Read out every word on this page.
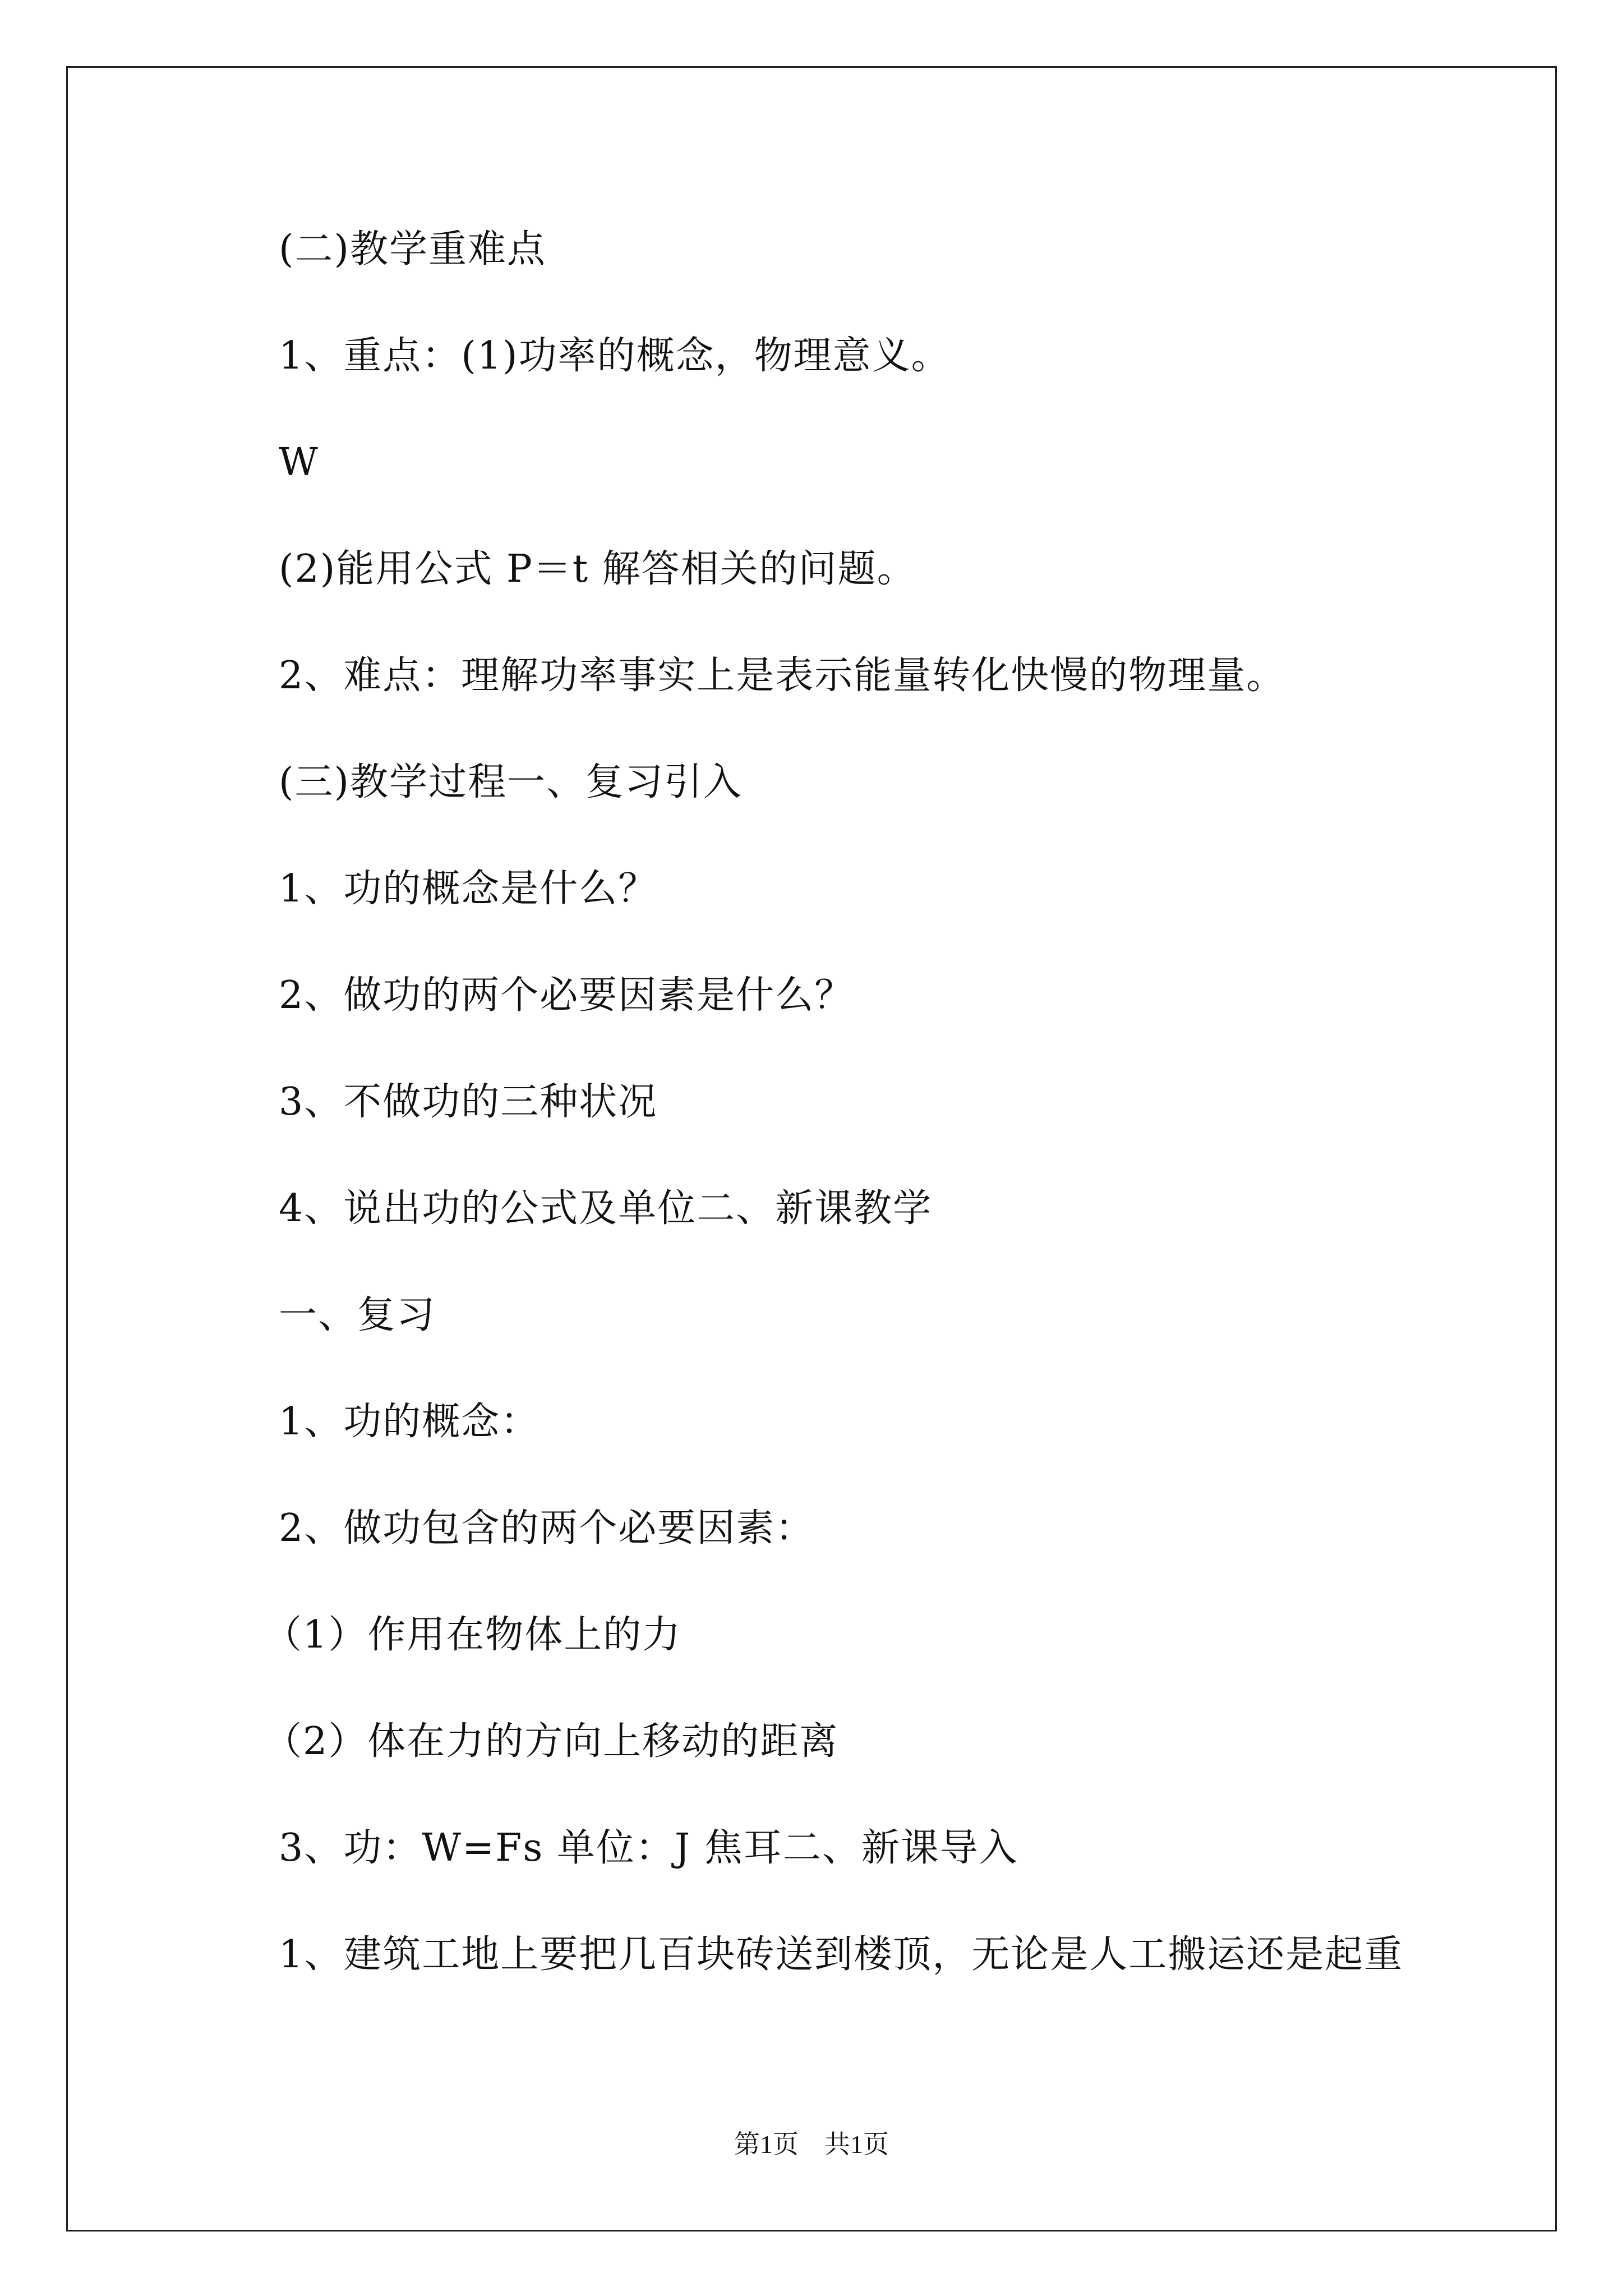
(二)教学重难点
1、重点：(1)功率的概念，物理意义。
W
(2)能用公式 P＝t 解答相关的问题。
2、难点：理解功率事实上是表示能量转化快慢的物理量。
(三)教学过程一、复习引入
1、功的概念是什么？
2、做功的两个必要因素是什么？
3、不做功的三种状况
4、说出功的公式及单位二、新课教学
一、复习
1、功的概念：
2、做功包含的两个必要因素：
（1）作用在物体上的力
（2）体在力的方向上移动的距离
3、功：W=Fs 单位：J 焦耳二、新课导入
1、建筑工地上要把几百块砖送到楼顶，无论是人工搬运还是起重
第1页　共1页
